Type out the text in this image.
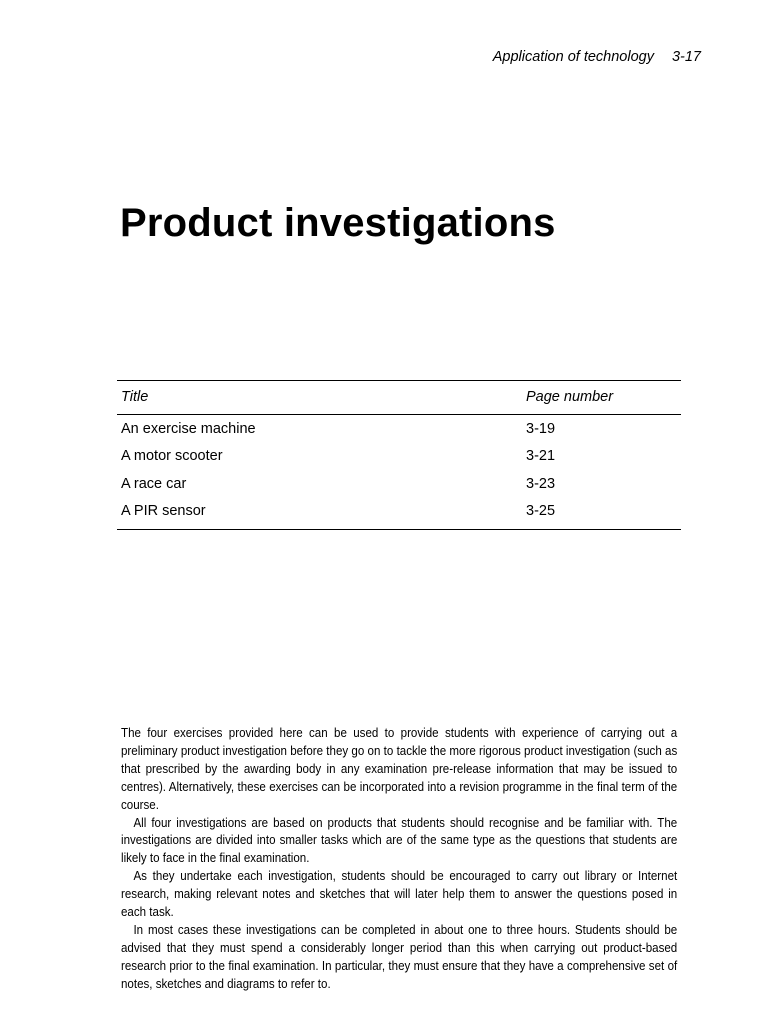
Application of technology 3-17
Product investigations
Title	Page number
An exercise machine	3-19
A motor scooter	3-21
A race car	3-23
A PIR sensor	3-25

The four exercises provided here can be used to provide students with experience of carrying out a preliminary product investigation before they go on to tackle the more rigorous product investigation (such as that prescribed by the awarding body in any examination pre-release information that may be issued to centres). Alternatively, these exercises can be incorporated into a revision programme in the final term of the course.

All four investigations are based on products that students should recognise and be familiar with. The investigations are divided into smaller tasks which are of the same type as the questions that students are likely to face in the final examination.

As they undertake each investigation, students should be encouraged to carry out library or Internet research, making relevant notes and sketches that will later help them to answer the questions posed in each task.

In most cases these investigations can be completed in about one to three hours. Students should be advised that they must spend a considerably longer period than this when carrying out product-based research prior to the final examination. In particular, they must ensure that they have a comprehensive set of notes, sketches and diagrams to refer to.
